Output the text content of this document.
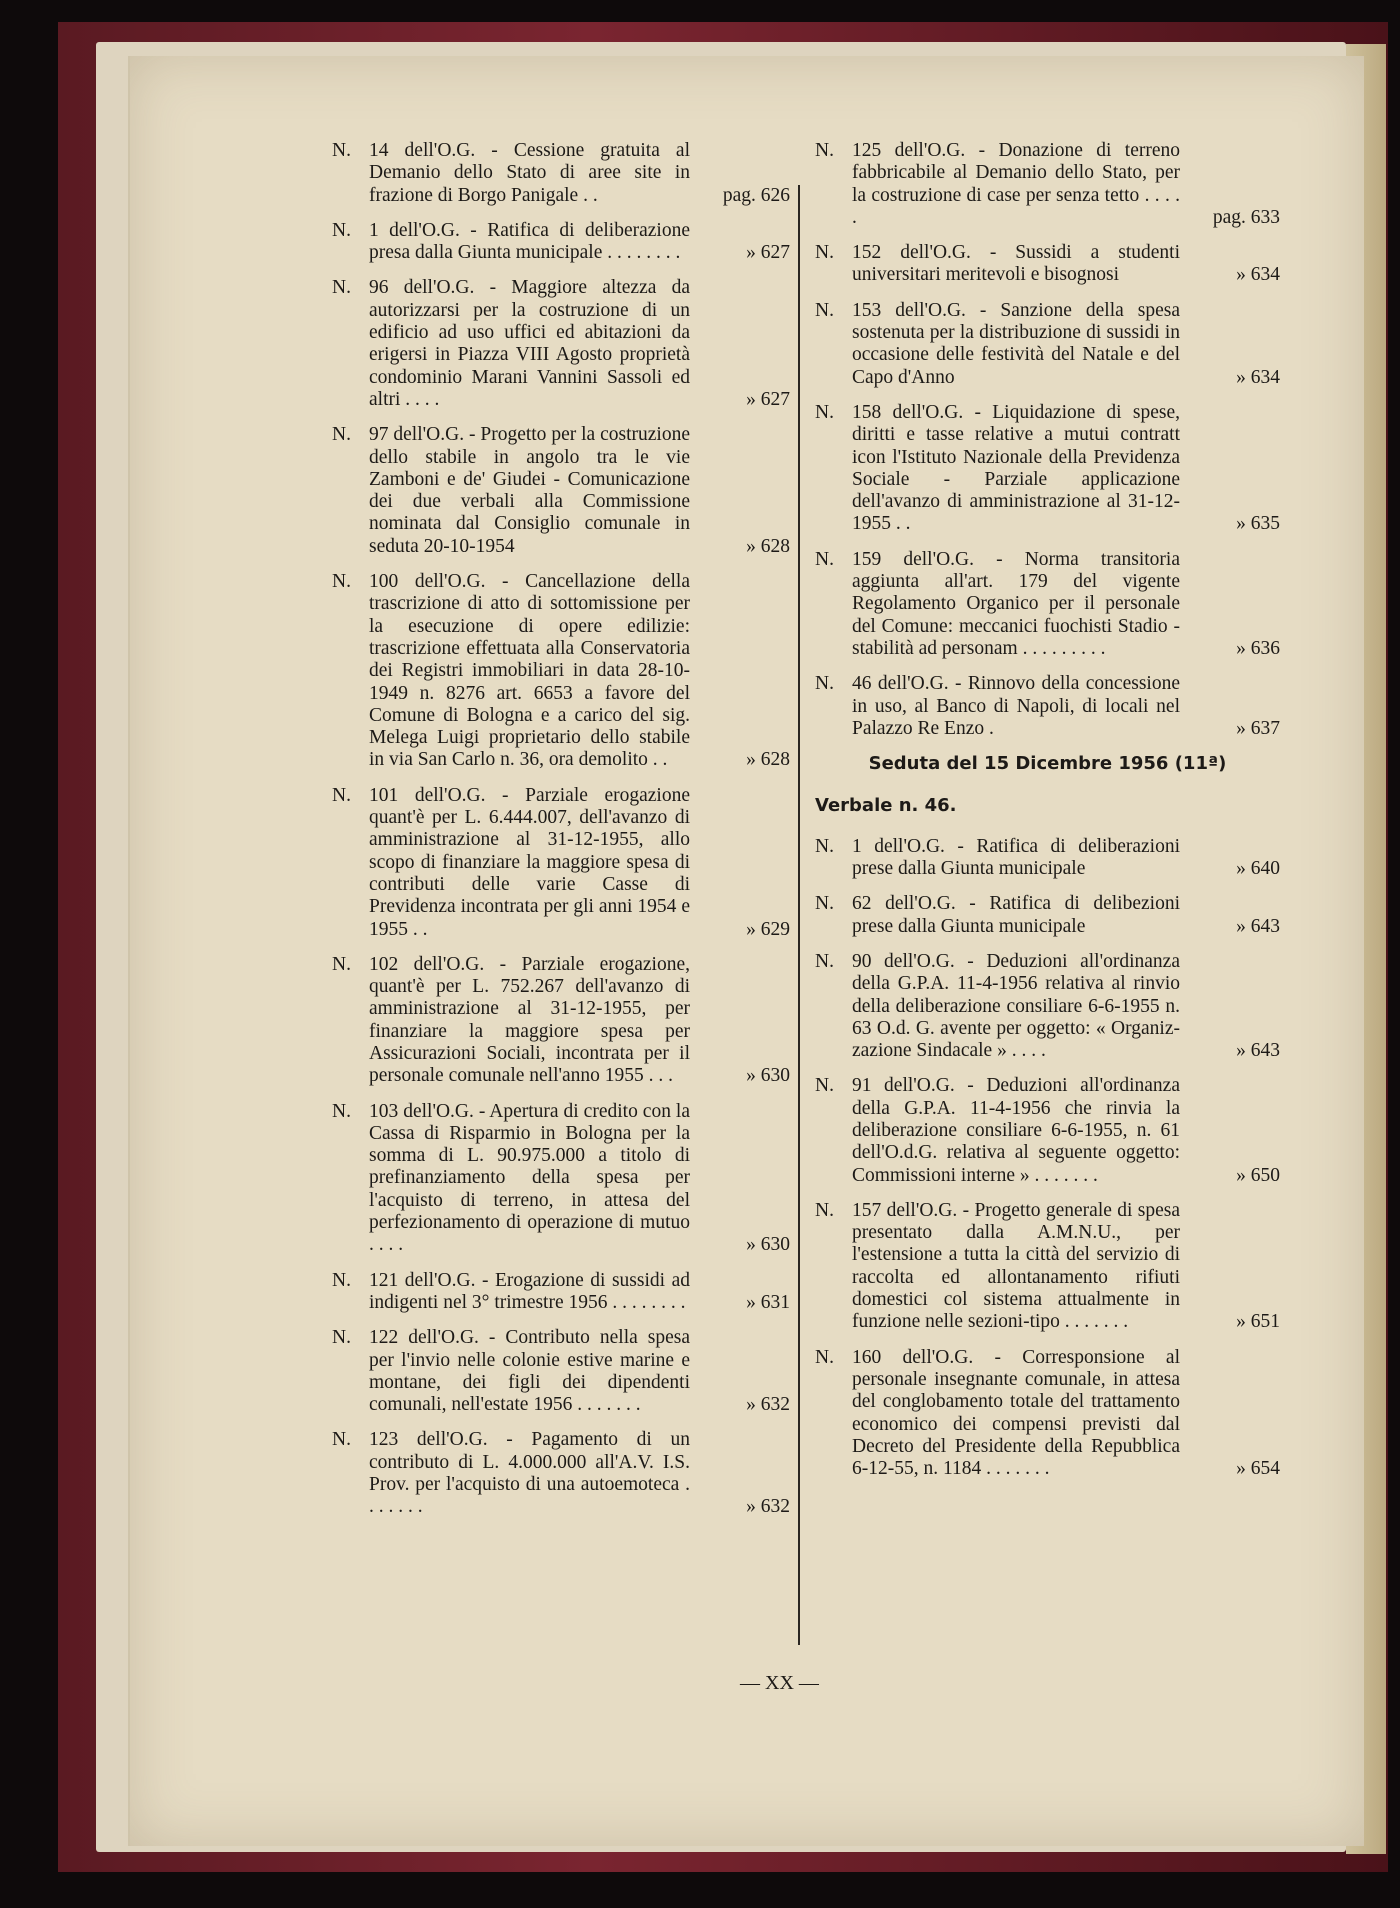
N. 14 dell'O.G. - Cessione gratuita al Demanio dello Stato di aree site in frazione di Borgo Panigale . .	pag. 626
N. 1 dell'O.G. - Ratifica di deliberazione presa dalla Giunta municipale . . . . . . . .	» 627
N. 96 dell'O.G. - Maggiore altezza da autorizzarsi per la costruzione di un edificio ad uso uffici ed abitazioni da erigersi in Piazza VIII Agosto proprietà condominio Marani Vannini Sassoli ed altri . . . .	» 627
N. 97 dell'O.G. - Progetto per la costruzione dello stabile in angolo tra le vie Zamboni e de' Giudei - Comunicazione dei due verbali alla Commissione nominata dal Consiglio comunale in seduta 20-10-1954	» 628
N. 100 dell'O.G. - Cancellazione della trascrizione di atto di sottomissione per la esecuzione di opere edilizie: trascrizione effettuata alla Conservatoria dei Registri immobiliari in data 28-10-1949 n. 8276 art. 6653 a favore del Comune di Bologna e a carico del sig. Melega Luigi proprietario dello stabile in via San Carlo n. 36, ora demolito . .	» 628
N. 101 dell'O.G. - Parziale erogazione quant'è per L. 6.444.007, dell'avanzo di amministrazione al 31-12-1955, allo scopo di finanziare la maggiore spesa di contributi delle varie Casse di Previdenza incontrata per gli anni 1954 e 1955 . .	» 629
N. 102 dell'O.G. - Parziale erogazione, quant'è per L. 752.267 dell'avanzo di amministrazione al 31-12-1955, per finanziare la maggiore spesa per Assicurazioni Sociali, incontrata per il personale comunale nell'anno 1955 . . .	» 630
N. 103 dell'O.G. - Apertura di credito con la Cassa di Risparmio in Bologna per la somma di L. 90.975.000 a titolo di prefinanziamento della spesa per l'acquisto di terreno, in attesa del perfezionamento di operazione di mutuo . . . .	» 630
N. 121 dell'O.G. - Erogazione di sussidi ad indigenti nel 3° trimestre 1956 . . . . . . . .	» 631
N. 122 dell'O.G. - Contributo nella spesa per l'invio nelle colonie estive marine e montane, dei figli dei dipendenti comunali, nell'estate 1956 . . . . . . .	» 632
N. 123 dell'O.G. - Pagamento di un contributo di L. 4.000.000 all'A.V. I.S. Prov. per l'acquisto di una autoemoteca . . . . . . .	» 632
N. 125 dell'O.G. - Donazione di terreno fabbricabile al Demanio dello Stato, per la costruzione di case per senza tetto . . . . .	pag. 633
N. 152 dell'O.G. - Sussidi a studenti universitari meritevoli e bisognosi	» 634
N. 153 dell'O.G. - Sanzione della spesa sostenuta per la distribuzione di sussidi in occasione delle festività del Natale e del Capo d'Anno	» 634
N. 158 dell'O.G. - Liquidazione di spese, diritti e tasse relative a mutui contratt icon l'Istituto Nazionale della Previdenza Sociale - Parziale applicazione dell'avanzo di amministrazione al 31-12-1955 . .	» 635
N. 159 dell'O.G. - Norma transitoria aggiunta all'art. 179 del vigente Regolamento Organico per il personale del Comune: meccanici fuochisti Stadio - stabilità ad personam . . . . . . . . .	» 636
N. 46 dell'O.G. - Rinnovo della concessione in uso, al Banco di Napoli, di locali nel Palazzo Re Enzo .	» 637
Seduta del 15 Dicembre 1956 (11ª)
Verbale n. 46.
N. 1 dell'O.G. - Ratifica di deliberazioni prese dalla Giunta municipale	» 640
N. 62 dell'O.G. - Ratifica di delibezioni prese dalla Giunta municipale	» 643
N. 90 dell'O.G. - Deduzioni all'ordinanza della G.P.A. 11-4-1956 relativa al rinvio della deliberazione consiliare 6-6-1955 n. 63 O.d. G. avente per oggetto: « Organizzazione Sindacale » . . . .	» 643
N. 91 dell'O.G. - Deduzioni all'ordinanza della G.P.A. 11-4-1956 che rinvia la deliberazione consiliare 6-6-1955, n. 61 dell'O.d.G. relativa al seguente oggetto: Commissioni interne » . . . . . . .	» 650
N. 157 dell'O.G. - Progetto generale di spesa presentato dalla A.M.N.U., per l'estensione a tutta la città del servizio di raccolta ed allontanamento rifiuti domestici col sistema attualmente in funzione nelle sezioni-tipo . . . . . . .	» 651
N. 160 dell'O.G. - Corresponsione al personale insegnante comunale, in attesa del conglobamento totale del trattamento economico dei compensi previsti dal Decreto del Presidente della Repubblica 6-12-55, n. 1184 . . . . . . .	» 654
— XX —
